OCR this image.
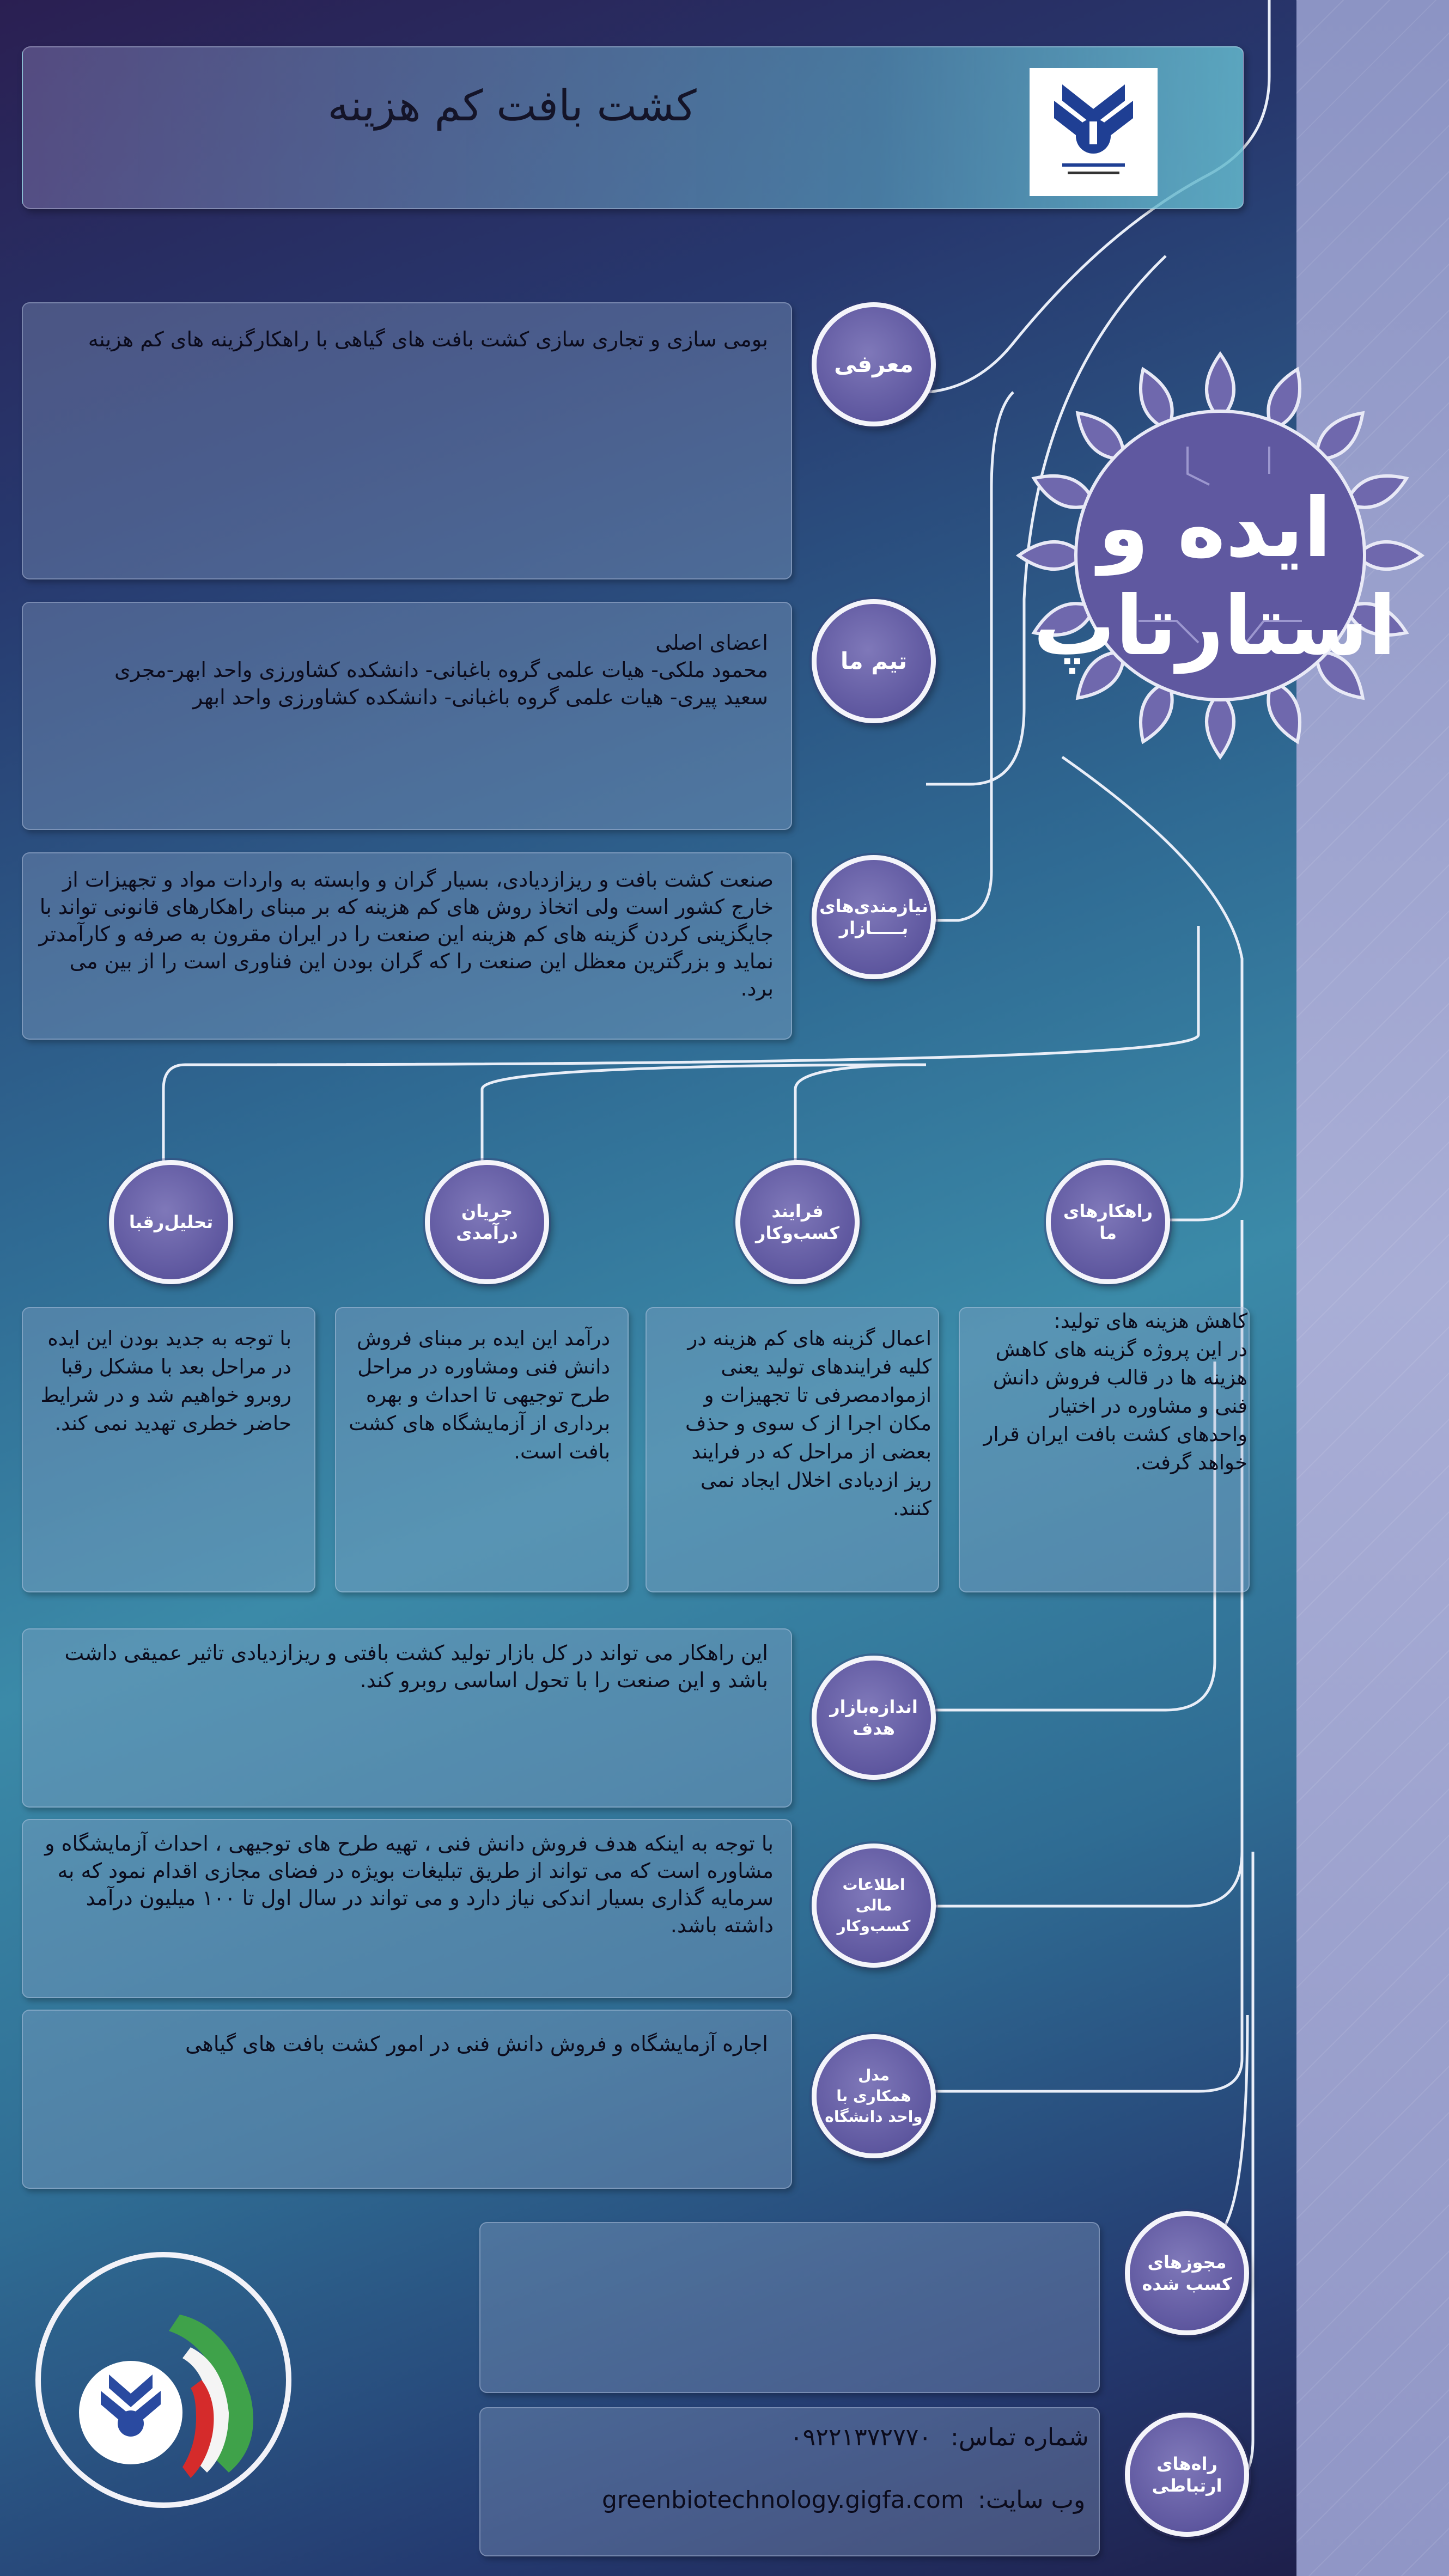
کشت بافت کم هزینه
ایده و
استارتاپ
بومی سازی و تجاری سازی کشت بافت های گیاهی با راهکارگزینه های کم هزینه
معرفی
اعضای اصلی
محمود ملکی- هیات علمی گروه باغبانی- دانشکده کشاورزی واحد ابهر-مجری
سعید پیری- هیات علمی گروه باغبانی- دانشکده کشاورزی واحد ابهر
تیم ما
صنعت کشت بافت و ریزازدیادی، بسیار گران و وابسته به واردات مواد و تجهیزات از خارج کشور است ولی اتخاذ روش های کم هزینه که بر مبنای راهکارهای قانونی تواند با جایگزینی کردن گزینه های کم هزینه این صنعت را در ایران مقرون به صرفه و کارآمدتر نماید و بزرگترین معظل این صنعت را که گران بودن این فناوری است را از بین می برد.
نیازمندی‌های
بـــــازار
راهکارهای
ما
فرایند
کسب‌وکار
جریان
درآمدی
تحلیل‌رقبا
کاهش هزینه های تولید:
در این پروژه گزینه های کاهش هزینه ها در قالب فروش دانش فنی و مشاوره در اختیار واحدهای کشت بافت ایران قرار خواهد گرفت.
اعمال گزینه های کم هزینه در کلیه فرایندهای تولید یعنی ازموادمصرفی تا تجهیزات و مکان اجرا از ک سوی و حذف بعضی از مراحل که در فرایند ریز ازدیادی اخلال ایجاد نمی کنند.
درآمد این ایده بر مبنای فروش دانش فنی ومشاوره در مراحل طرح توجیهی تا احداث و بهره برداری از آزمایشگاه های کشت بافت است.
با توجه به جدید بودن این ایده در مراحل بعد با مشکل رقبا روبرو خواهیم شد و در شرایط حاضر خطری تهدید نمی کند.
این راهکار می تواند در کل بازار تولید کشت بافتی و ریزازدیادی تاثیر عمیقی داشت باشد و این صنعت را با تحول اساسی روبرو کند.
اندازه‌بازار
هدف
با توجه به اینکه هدف فروش دانش فنی ، تهیه طرح های توجیهی ، احداث آزمایشگاه و مشاوره است که می تواند از طریق تبلیغات بویژه در فضای مجازی اقدام نمود که به سرمایه گذاری بسیار اندکی نیاز دارد و می تواند در سال اول تا ۱۰۰ میلیون درآمد داشته باشد.
اطلاعات مالی
کسب‌وکار
اجاره آزمایشگاه و فروش دانش فنی در امور کشت بافت های گیاهی
مدل
همکاری با
واحد دانشگاه
مجوزهای
کسب شده
۰۹۲۲۱۳۷۲۷۷۰ شماره تماس:
greenbiotechnology.gigfa.com وب سایت:
راه‌های
ارتباطی
